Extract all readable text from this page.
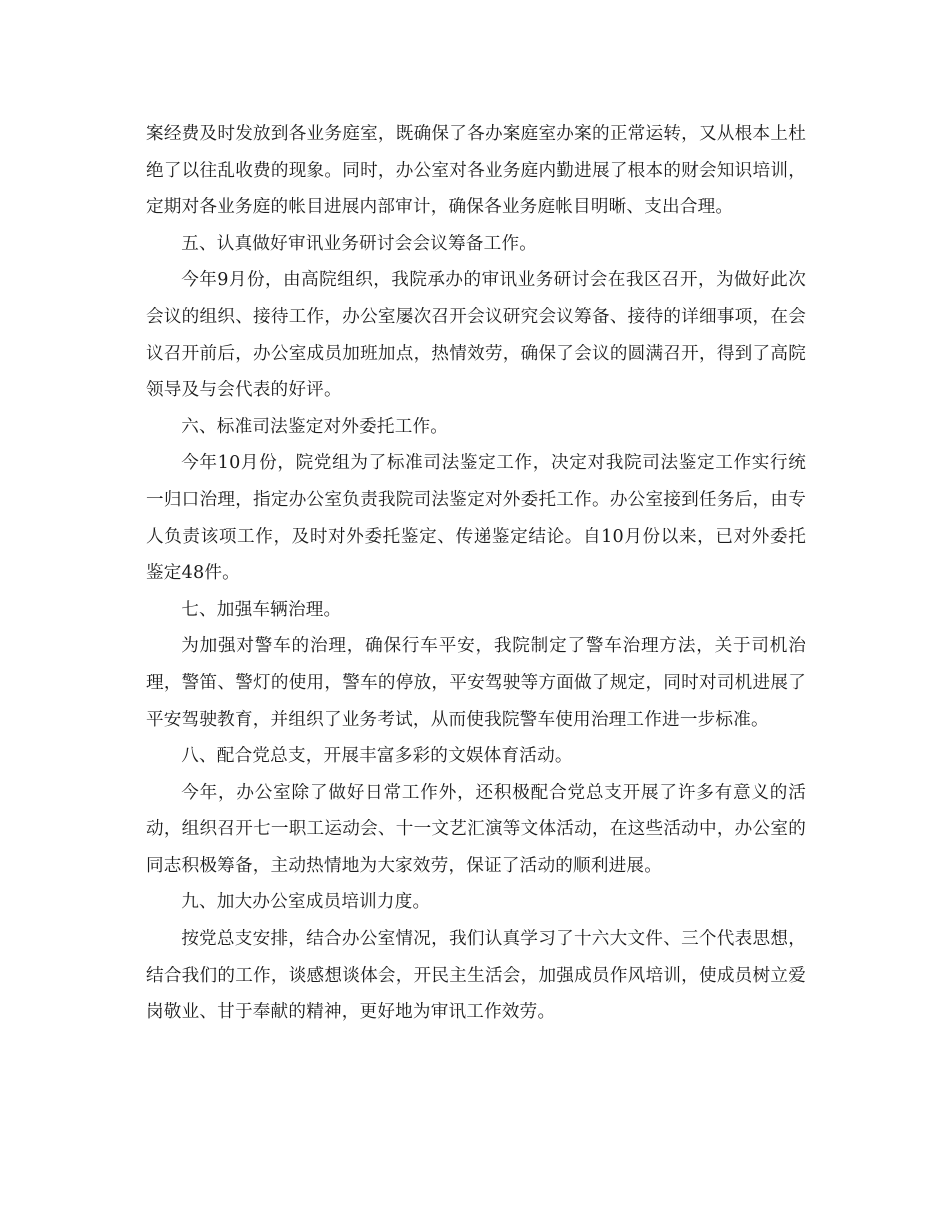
案经费及时发放到各业务庭室，既确保了各办案庭室办案的正常运转，又从根本上杜绝了以往乱收费的现象。同时，办公室对各业务庭内勤进展了根本的财会知识培训，定期对各业务庭的帐目进展内部审计，确保各业务庭帐目明晰、支出合理。

五、认真做好审讯业务研讨会会议筹备工作。

今年9月份，由高院组织，我院承办的审讯业务研讨会在我区召开，为做好此次会议的组织、接待工作，办公室屡次召开会议研究会议筹备、接待的详细事项，在会议召开前后，办公室成员加班加点，热情效劳，确保了会议的圆满召开，得到了高院领导及与会代表的好评。

六、标准司法鉴定对外委托工作。

今年10月份，院党组为了标准司法鉴定工作，决定对我院司法鉴定工作实行统一归口治理，指定办公室负责我院司法鉴定对外委托工作。办公室接到任务后，由专人负责该项工作，及时对外委托鉴定、传递鉴定结论。自10月份以来，已对外委托鉴定48件。

七、加强车辆治理。

为加强对警车的治理，确保行车平安，我院制定了警车治理方法，关于司机治理，警笛、警灯的使用，警车的停放，平安驾驶等方面做了规定，同时对司机进展了平安驾驶教育，并组织了业务考试，从而使我院警车使用治理工作进一步标准。

八、配合党总支，开展丰富多彩的文娱体育活动。

今年，办公室除了做好日常工作外，还积极配合党总支开展了许多有意义的活动，组织召开七一职工运动会、十一文艺汇演等文体活动，在这些活动中，办公室的同志积极筹备，主动热情地为大家效劳，保证了活动的顺利进展。

九、加大办公室成员培训力度。

按党总支安排，结合办公室情况，我们认真学习了十六大文件、三个代表思想，结合我们的工作，谈感想谈体会，开民主生活会，加强成员作风培训，使成员树立爱岗敬业、甘于奉献的精神，更好地为审讯工作效劳。
